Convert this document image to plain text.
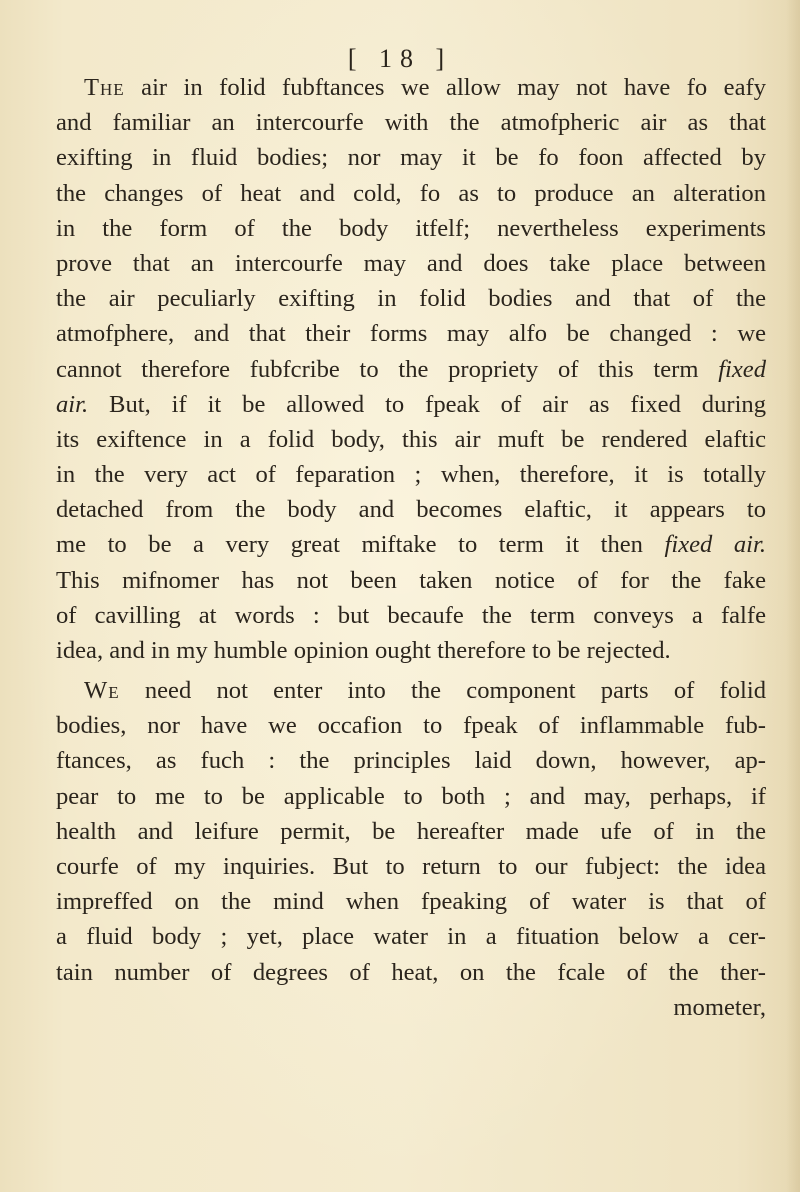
[ 18 ]
The air in folid fubftances we allow may not have fo eafy
and familiar an intercourfe with the atmofpheric air as that
exifting in fluid bodies; nor may it be fo foon affected by
the changes of heat and cold, fo as to produce an alteration
in the form of the body itfelf; nevertheless experiments
prove that an intercourfe may and does take place between
the air peculiarly exifting in folid bodies and that of the
atmofphere, and that their forms may alfo be changed : we
cannot therefore fubfcribe to the propriety of this term fixed
air. But, if it be allowed to fpeak of air as fixed during
its exiftence in a folid body, this air muft be rendered elaftic
in the very act of feparation ; when, therefore, it is totally
detached from the body and becomes elaftic, it appears to
me to be a very great miftake to term it then fixed air.
This mifnomer has not been taken notice of for the fake
of cavilling at words : but becaufe the term conveys a falfe
idea, and in my humble opinion ought therefore to be rejected.
We need not enter into the component parts of folid
bodies, nor have we occafion to fpeak of inflammable fub-
ftances, as fuch : the principles laid down, however, ap-
pear to me to be applicable to both ; and may, perhaps, if
health and leifure permit, be hereafter made ufe of in the
courfe of my inquiries. But to return to our fubject: the idea
impreffed on the mind when fpeaking of water is that of
a fluid body ; yet, place water in a fituation below a cer-
tain number of degrees of heat, on the fcale of the ther-
mometer,
